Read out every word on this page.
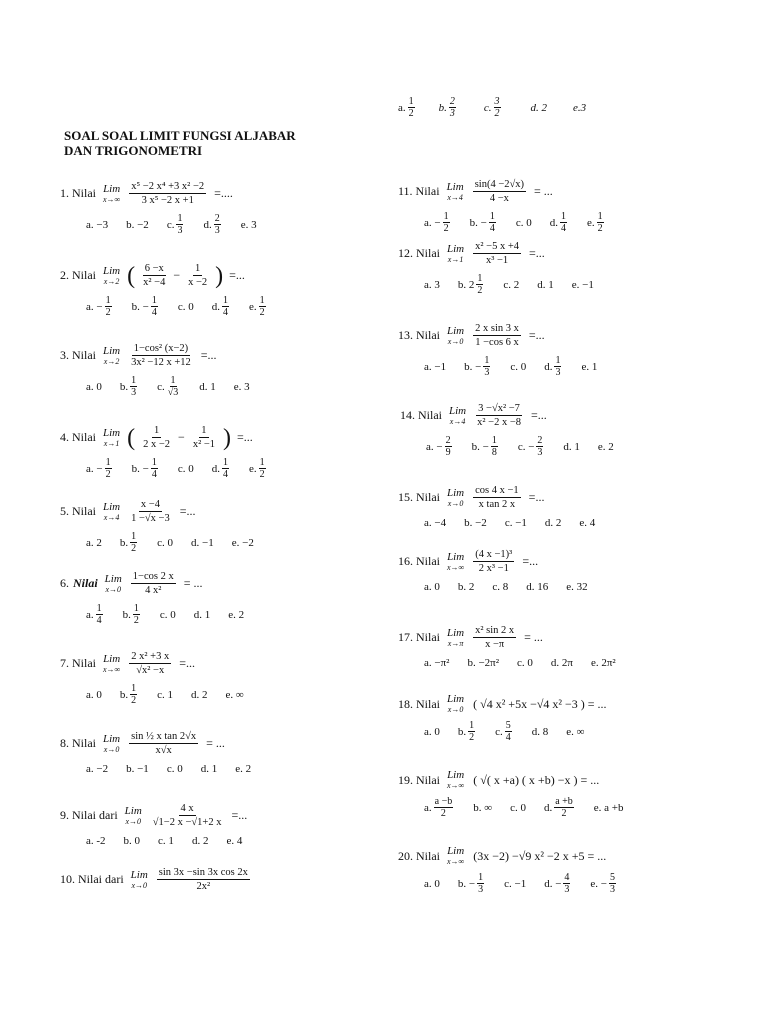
a. 1
2 b. 2
3	c. 3
2	d. 2 e.3
SOAL SOAL LIMIT FUNGSI ALJABAR
DAN TRIGONOMETRI
1. Nilai Lim
$x\to\infty \frac{\text{x⁵ −2 x⁴ +3 x² −2}}{\text{3 x⁵ −2 x +1}}$ =....
a. −3 b. −2 c. $\frac{1}{3} d$. $\frac{2}{3} e$. 3
2. Nilai Lim
x→2 ( $\frac{6 -x}{\text{x² −4}} - \frac{1}{x -2}$ ) =...
a. − $\frac{1}{2} b$. − $\frac{1}{4} c$. 0 d. $\frac{1}{4} e$. $\frac{1}{2}$
3. Nilai Lim
$x\to 2 \frac{\text{1−cos² (x−2)}}{\text{3x² −12 x +12}}$ =...
a. 0 b. $\frac{1}{3} c$. $\frac{1}{√3} d$. 1 e. 3
4. Nilai Lim
x→1 ( $\frac{1}{2 x -2} - \frac{1}{\text{x² −1}}$ ) =...
a. − $\frac{1}{2} b$. − $\frac{1}{4} c$. 0 d. $\frac{1}{4} e$. $\frac{1}{2}$
5. Nilai Lim
$x\to 4 \frac{x -4}{1 -√x -3}$ =...
a. 2 b. $\frac{1}{2} c$. 0 d. −1 e. −2
6. Nilai Lim
$x\to 0 \frac{1-\cos 2 x}{\text{4 x²}}$ = ...
a. $\frac{1}{4} b$. $\frac{1}{2} c$. 0 d. 1 e. 2
7. Nilai Lim
$x\to\infty \frac{\text{2 x² +3 x}}{\text{√x² −x}}$ =...
a. 0 b. $\frac{1}{2} c$. 1 d. 2 e. ∞
8. Nilai Lim
$x\to 0 \frac{\text{sin ½ x tan 2√x}}{x√x}$ = ...
a. −2 b. −1 c. 0 d. 1 e. 2
9. Nilai dari Lim
$x\to 0 \frac{4 x}{√1-2 x -√1+2 x}$ =...
a. -2 b. 0 c. 1 d. 2 e. 4
10. Nilai dari Lim
$x\to 0 \frac{\text{sin 3x −sin 3x cos 2x}}{\text{2x²}}$
11. Nilai Lim
$x\to 4 \frac{\sin(4 -2√x)}{4 -x}$ = ...
a. − $\frac{1}{2} b$. − $\frac{1}{4} c$. 0 d. $\frac{1}{4} e$. $\frac{1}{2}$
12. Nilai Lim
$x\to 1 \frac{\text{x² −5 x +4}}{\text{x³ −1}}$ =...
a. 3 b. $2 \frac{1}{2} c$. 2 d. 1 e. −1
13. Nilai Lim
$x\to 0 \frac{\text{2 x sin 3 x}}{1 -\cos 6 x}$ =...
a. −1 b. − $\frac{1}{3} c$. 0 d. $\frac{1}{3} e$. 1
14. Nilai Lim
$x\to 4 \frac{\text{3 −√x² −7}}{\text{x² −2 x −8}}$ =...
a. − $\frac{2}{9} b$. − $\frac{1}{8} c$. − $\frac{2}{3} d$. 1 e. 2
15. Nilai Lim
$x\to 0 \frac{\cos 4 x -1}{\text{x tan 2 x}}$ =...
a. −4 b. −2 c. −1 d. 2 e. 4
16. Nilai Lim
$x\to\infty \frac{\text{(4 x −1)³}}{\text{2 x³ −1}}$ =...
a. 0 b. 2 c. 8 d. 16 e. 32
17. Nilai Lim
$x\to\pi \frac{\text{x² sin 2 x}}{x -\pi}$ = ...
a. −π² b. −2π² c. 0 d. 2π e. 2π²
18. Nilai Lim
x→0 ( √4 x² +5x −√4 x² −3 ) = ...
a. 0 b. $\frac{1}{2} c$. $\frac{5}{4} d$. 8 e. ∞
19. Nilai Lim
x→∞ ( √( x +a) ( x +b) −x ) = ...
a. $\frac{a -b}{2} b$. ∞ c. 0 d. $\frac{a +b}{2} e$. a +b
20. Nilai Lim
x→∞ (3x −2) −√9 x² −2 x +5 = ...
a. 0 b. − $\frac{1}{3} c$. −1 d. − $\frac{4}{3} e$. − $\frac{5}{3}$
